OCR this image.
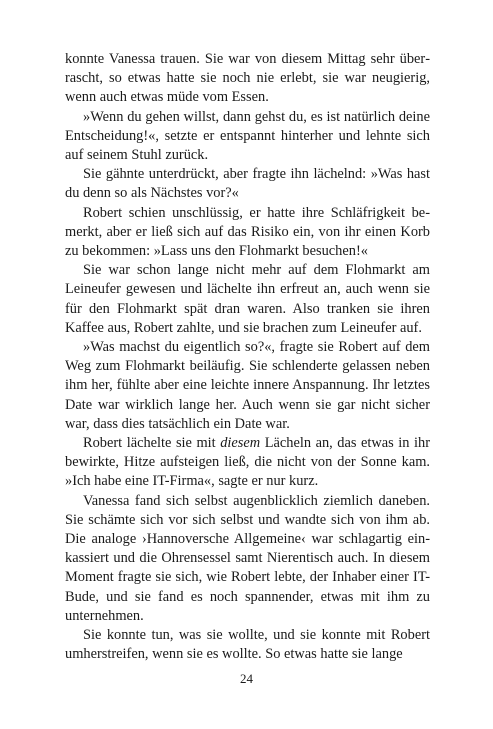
konnte Vanessa trauen. Sie war von diesem Mittag sehr überrascht, so etwas hatte sie noch nie erlebt, sie war neugierig, wenn auch etwas müde vom Essen.

»Wenn du gehen willst, dann gehst du, es ist natürlich deine Entscheidung!«, setzte er entspannt hinterher und lehnte sich auf seinem Stuhl zurück.

Sie gähnte unterdrückt, aber fragte ihn lächelnd: »Was hast du denn so als Nächstes vor?«

Robert schien unschlüssig, er hatte ihre Schläfrigkeit bemerkt, aber er ließ sich auf das Risiko ein, von ihr einen Korb zu bekommen: »Lass uns den Flohmarkt besuchen!«

Sie war schon lange nicht mehr auf dem Flohmarkt am Leineufer gewesen und lächelte ihn erfreut an, auch wenn sie für den Flohmarkt spät dran waren. Also tranken sie ihren Kaffee aus, Robert zahlte, und sie brachen zum Leineufer auf.

»Was machst du eigentlich so?«, fragte sie Robert auf dem Weg zum Flohmarkt beiläufig. Sie schlenderte gelassen neben ihm her, fühlte aber eine leichte innere Anspannung. Ihr letztes Date war wirklich lange her. Auch wenn sie gar nicht sicher war, dass dies tatsächlich ein Date war.

Robert lächelte sie mit diesem Lächeln an, das etwas in ihr bewirkte, Hitze aufsteigen ließ, die nicht von der Sonne kam. »Ich habe eine IT-Firma«, sagte er nur kurz.

Vanessa fand sich selbst augenblicklich ziemlich daneben. Sie schämte sich vor sich selbst und wandte sich von ihm ab. Die analoge ›Hannoversche Allgemeine‹ war schlagartig einkassiert und die Ohrensessel samt Nierentisch auch. In diesem Moment fragte sie sich, wie Robert lebte, der Inhaber einer IT-Bude, und sie fand es noch spannender, etwas mit ihm zu unternehmen.

Sie konnte tun, was sie wollte, und sie konnte mit Robert umherstreifen, wenn sie es wollte. So etwas hatte sie lange

24
